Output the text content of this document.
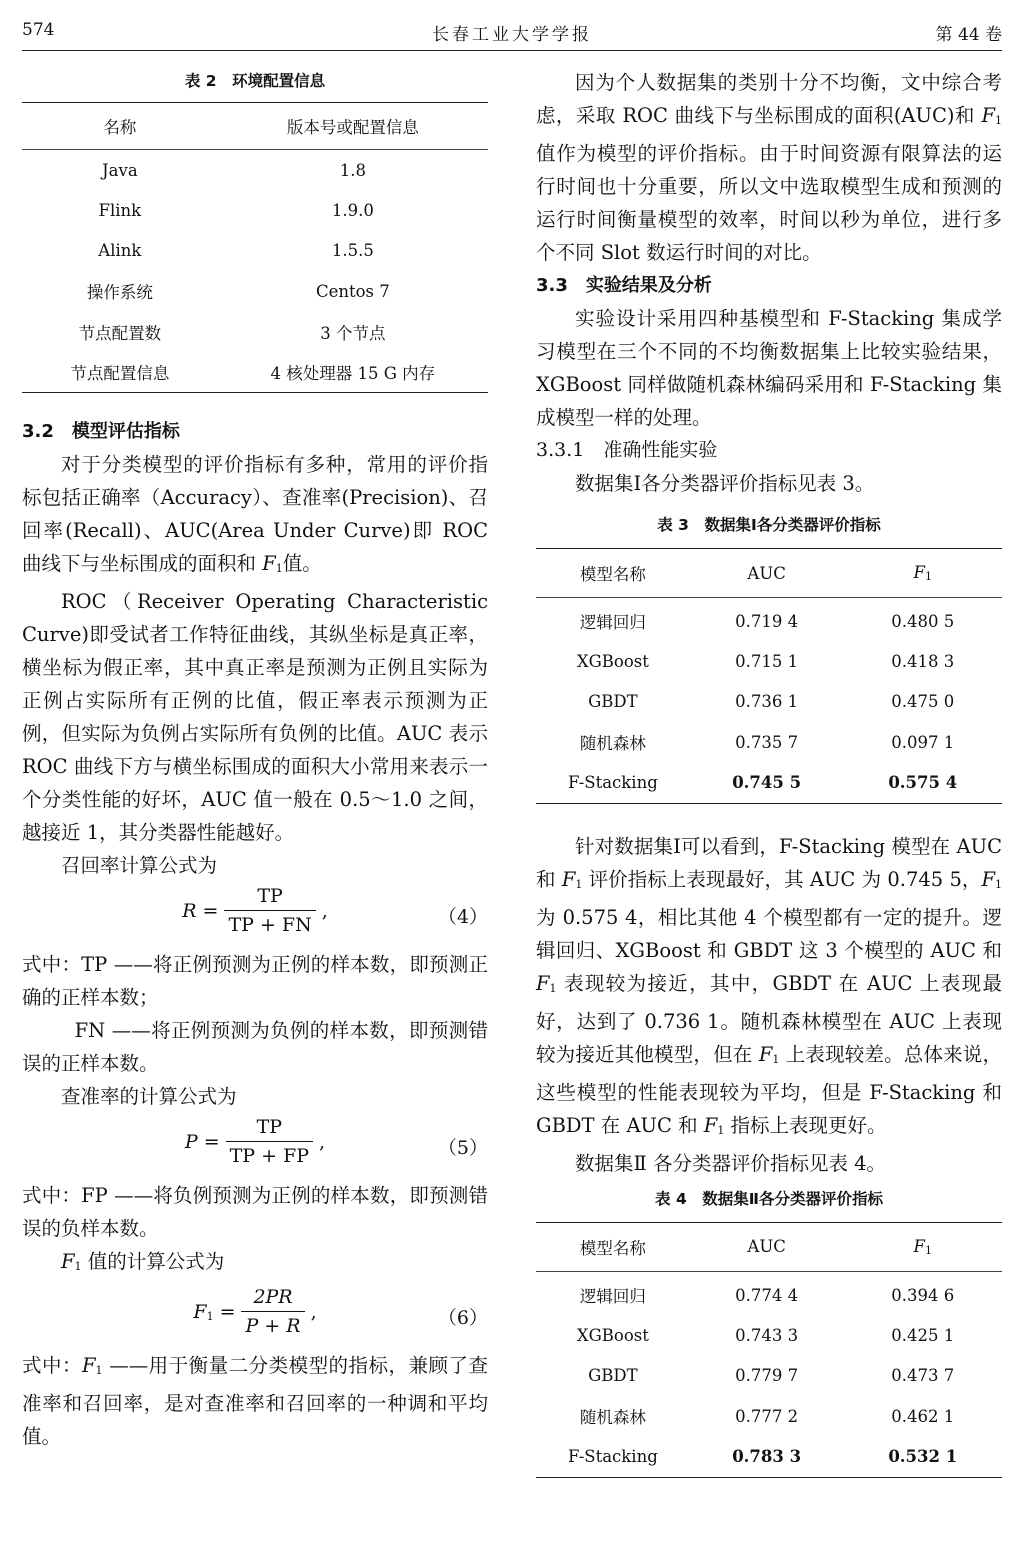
574	长春工业大学学报	第 44 卷
表 2　环境配置信息
名称	版本号或配置信息
Java	1.8
Flink	1.9.0
Alink	1.5.5
操作系统	Centos 7
节点配置数	3 个节点
节点配置信息	4 核处理器 15 G 内存
3.2　模型评估指标

对于分类模型的评价指标有多种，常用的评价指标包括正确率（Accuracy）、查准率(Precision)、召回率(Recall)、AUC(Area Under Curve)即 ROC 曲线下与坐标围成的面积和 F1值。

ROC（Receiver Operating Characteristic Curve)即受试者工作特征曲线，其纵坐标是真正率，横坐标为假正率，其中真正率是预测为正例且实际为正例占实际所有正例的比值，假正率表示预测为正例，但实际为负例占实际所有负例的比值。AUC 表示 ROC 曲线下方与横坐标围成的面积大小常用来表示一个分类性能的好坏，AUC 值一般在 0.5～1.0 之间，越接近 1，其分类器性能越好。

召回率计算公式为

$R = \frac{TP}{TP + FN}$ ,	（4）

式中：TP ——将正例预测为正例的样本数，即预测正确的正样本数；

FN ——将正例预测为负例的样本数，即预测错误的正样本数。

查准率的计算公式为

$P = \frac{TP}{TP + FP}$ ,	（5）

式中：FP ——将负例预测为正例的样本数，即预测错误的负样本数。

F1 值的计算公式为

$F1 = \frac{2PR}{P + R}$ ,	（6）

式中：F1 ——用于衡量二分类模型的指标，兼顾了查准率和召回率，是对查准率和召回率的一种调和平均值。

因为个人数据集的类别十分不均衡，文中综合考虑，采取 ROC 曲线下与坐标围成的面积(AUC)和 F1 值作为模型的评价指标。由于时间资源有限算法的运行时间也十分重要，所以文中选取模型生成和预测的运行时间衡量模型的效率，时间以秒为单位，进行多个不同 Slot 数运行时间的对比。

3.3　实验结果及分析

实验设计采用四种基模型和 F-Stacking 集成学习模型在三个不同的不均衡数据集上比较实验结果，XGBoost 同样做随机森林编码采用和 F-Stacking 集成模型一样的处理。

3.3.1　准确性能实验

数据集Ⅰ各分类器评价指标见表 3。

表 3　数据集Ⅰ各分类器评价指标
模型名称	AUC	F1
逻辑回归	0.719 4	0.480 5
XGBoost	0.715 1	0.418 3
GBDT	0.736 1	0.475 0
随机森林	0.735 7	0.097 1
F-Stacking	0.745 5	0.575 4

针对数据集Ⅰ可以看到，F-Stacking 模型在 AUC 和 F1 评价指标上表现最好，其 AUC 为 0.745 5，F1 为 0.575 4，相比其他 4 个模型都有一定的提升。逻辑回归、XGBoost 和 GBDT 这 3 个模型的 AUC 和 F1 表现较为接近，其中，GBDT 在 AUC 上表现最好，达到了 0.736 1。随机森林模型在 AUC 上表现较为接近其他模型，但在 F1 上表现较差。总体来说，这些模型的性能表现较为平均，但是 F-Stacking 和 GBDT 在 AUC 和 F1 指标上表现更好。

数据集Ⅱ 各分类器评价指标见表 4。

表 4　数据集Ⅱ各分类器评价指标
模型名称	AUC	F1
逻辑回归	0.774 4	0.394 6
XGBoost	0.743 3	0.425 1
GBDT	0.779 7	0.473 7
随机森林	0.777 2	0.462 1
F-Stacking	0.783 3	0.532 1
